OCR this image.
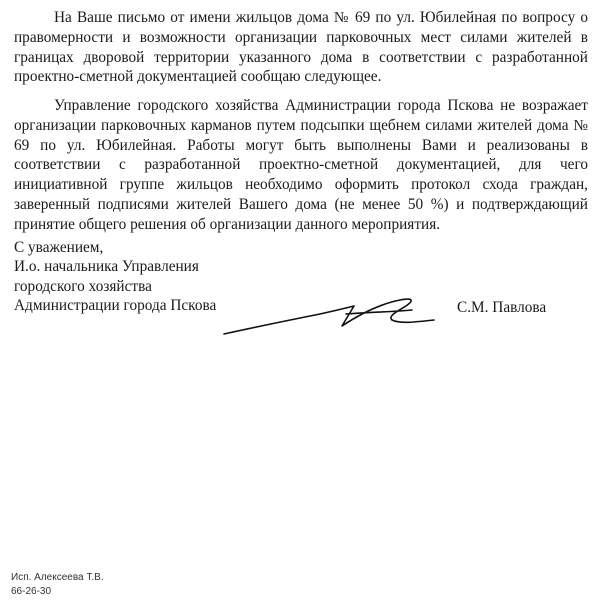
На Ваше письмо от имени жильцов дома № 69 по ул. Юбилейная по вопросу о правомерности и возможности организации парковочных мест силами жителей в границах дворовой территории указанного дома в соответствии с разработанной проектно-сметной документацией сообщаю следующее.

Управление городского хозяйства Администрации города Пскова не возражает организации парковочных карманов путем подсыпки щебнем силами жителей дома № 69 по ул. Юбилейная. Работы могут быть выполнены Вами и реализованы в соответствии с разработанной проектно-сметной документацией, для чего инициативной группе жильцов необходимо оформить протокол схода граждан, заверенный подписями жителей Вашего дома (не менее 50 %) и подтверждающий принятие общего решения об организации данного мероприятия.

С уважением,
И.о. начальника Управления
городского хозяйства
Администрации города Пскова	С.М. Павлова
Исп. Алексеева Т.В.
66-26-30
